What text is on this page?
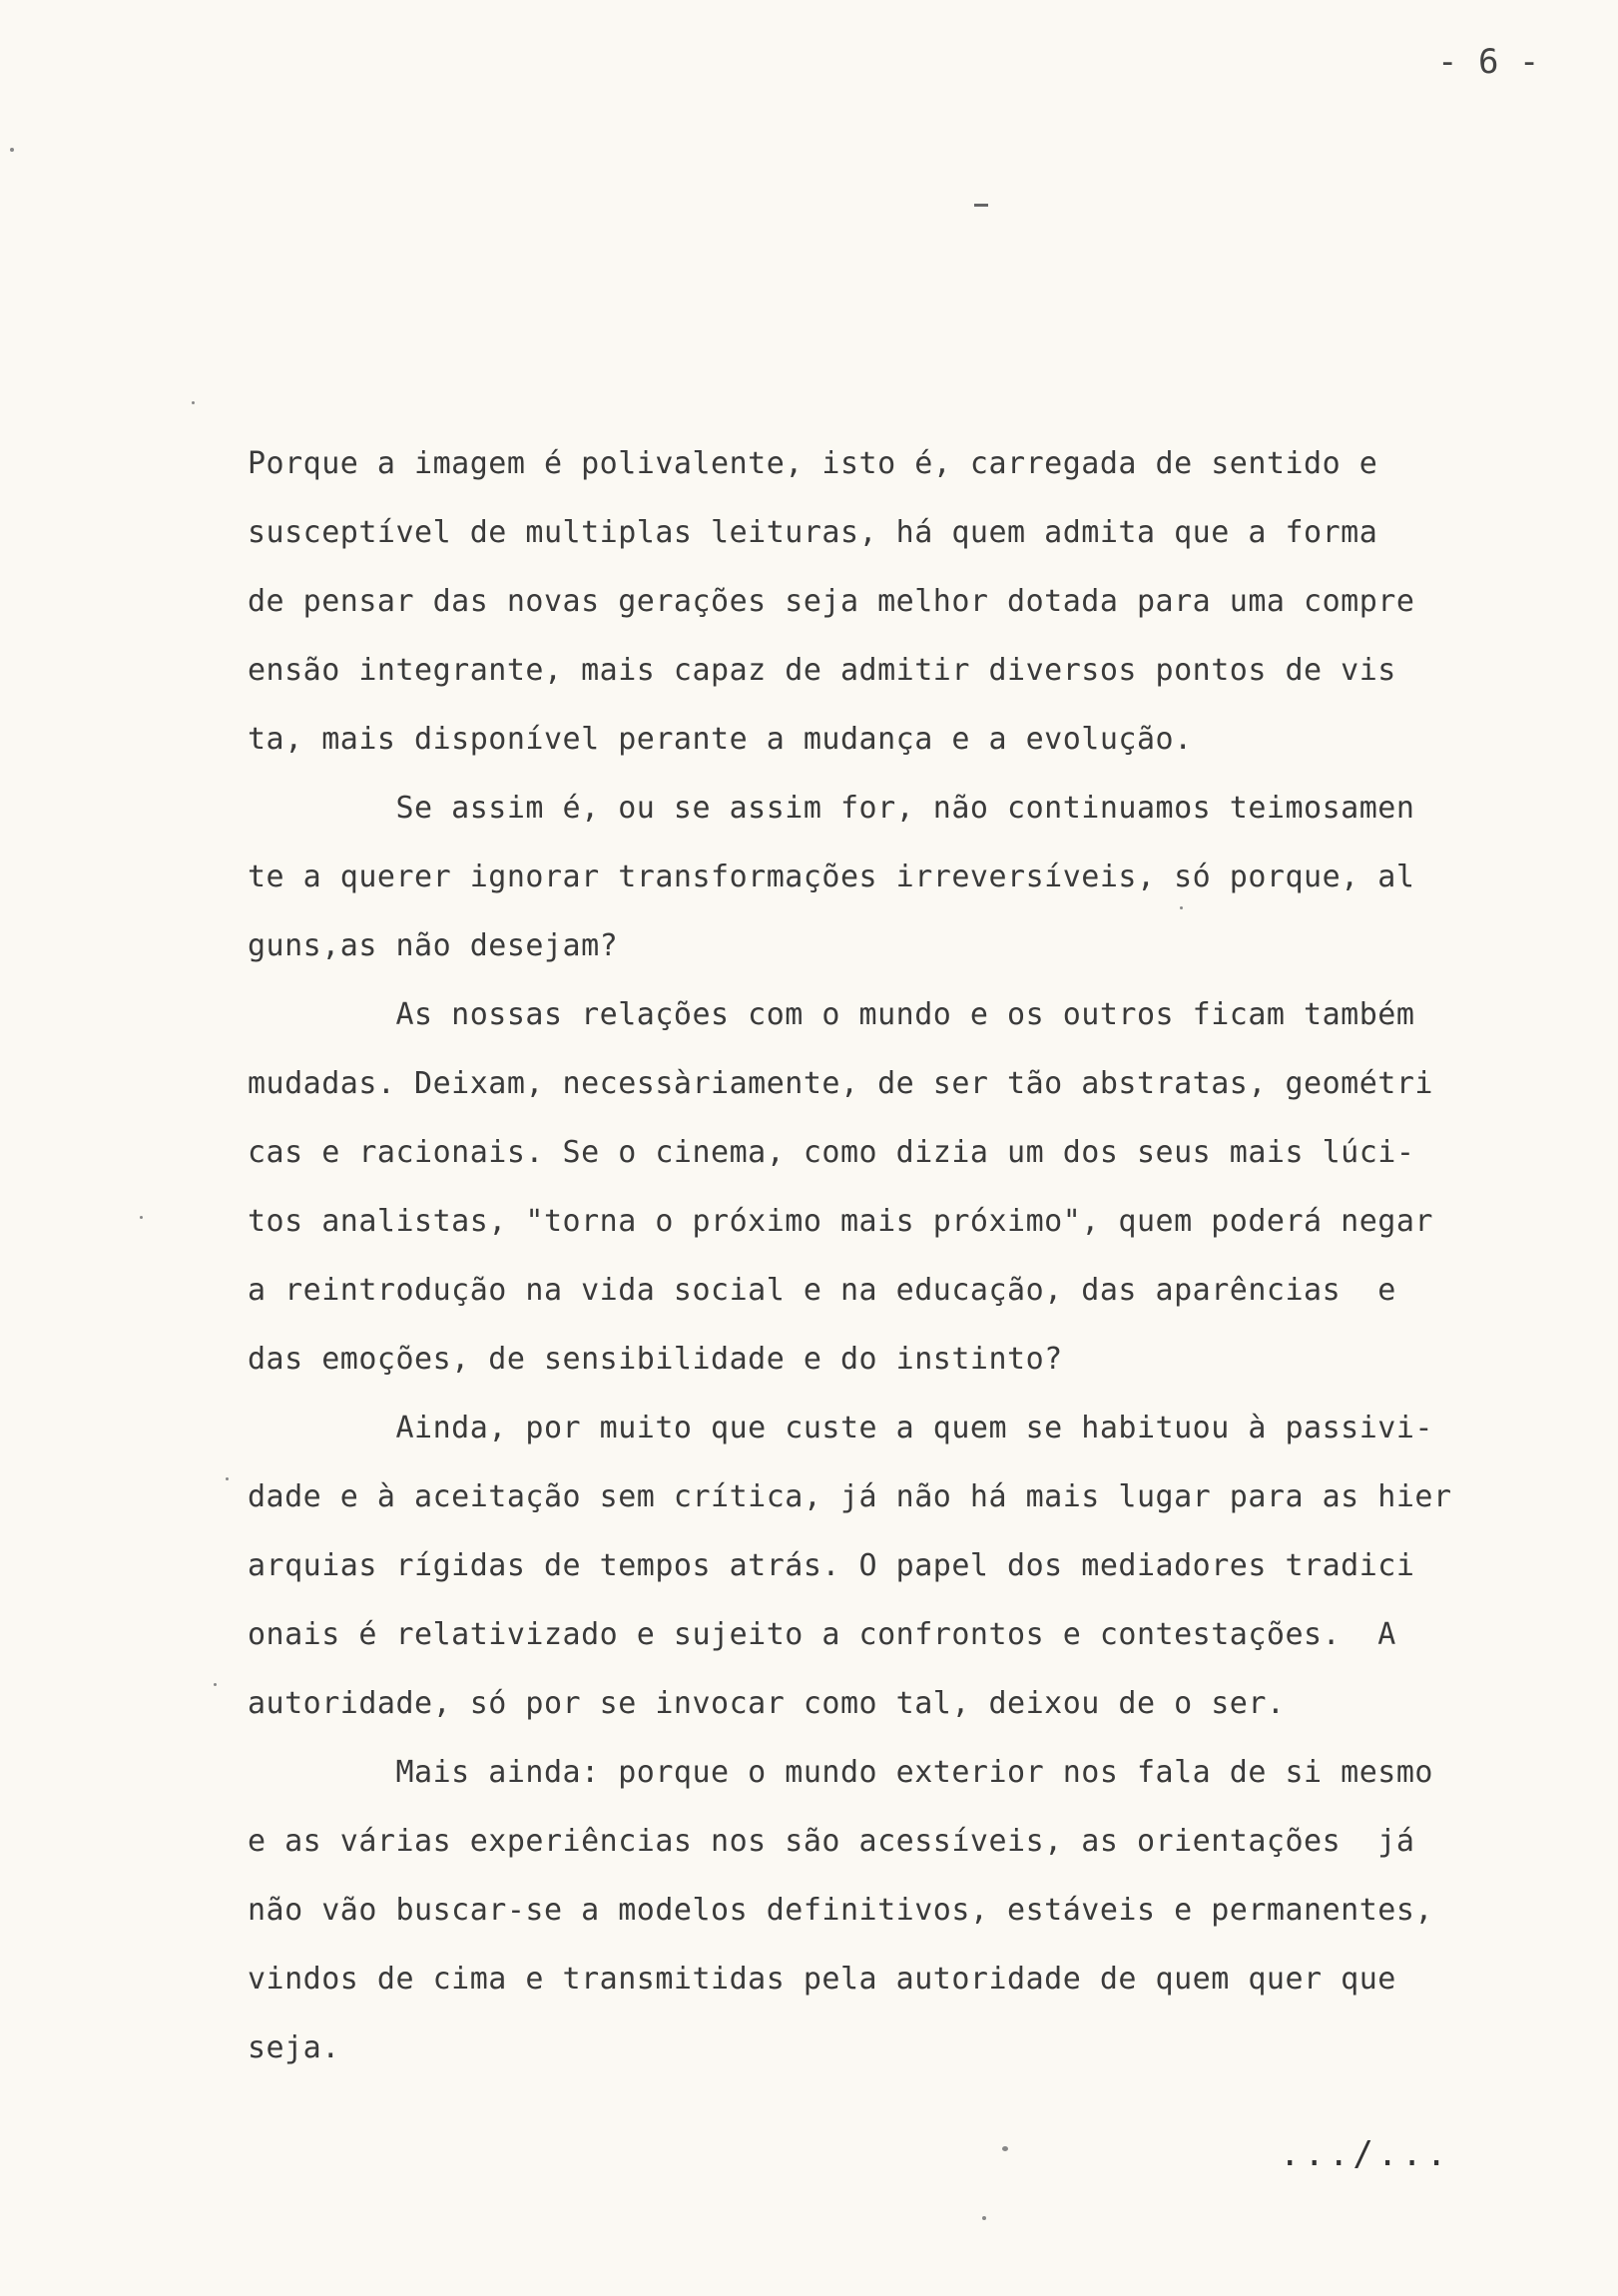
- 6 -
Porque a imagem é polivalente, isto é, carregada de sentido e
susceptível de multiplas leituras, há quem admita que a forma
de pensar das novas gerações seja melhor dotada para uma compre
ensão integrante, mais capaz de admitir diversos pontos de vis
ta, mais disponível perante a mudança e a evolução.
Se assim é, ou se assim for, não continuamos teimosamen
te a querer ignorar transformações irreversíveis, só porque, al
guns,as não desejam?
As nossas relações com o mundo e os outros ficam também
mudadas. Deixam, necessàriamente, de ser tão abstratas, geométri
cas e racionais. Se o cinema, como dizia um dos seus mais lúci-
tos analistas, "torna o próximo mais próximo", quem poderá negar
a reintrodução na vida social e na educação, das aparências  e
das emoções, de sensibilidade e do instinto?
Ainda, por muito que custe a quem se habituou à passivi-
dade e à aceitação sem crítica, já não há mais lugar para as hier
arquias rígidas de tempos atrás. O papel dos mediadores tradici
onais é relativizado e sujeito a confrontos e contestações.  A
autoridade, só por se invocar como tal, deixou de o ser.
Mais ainda: porque o mundo exterior nos fala de si mesmo
e as várias experiências nos são acessíveis, as orientações  já
não vão buscar-se a modelos definitivos, estáveis e permanentes,
vindos de cima e transmitidas pela autoridade de quem quer que
seja.
.../...
